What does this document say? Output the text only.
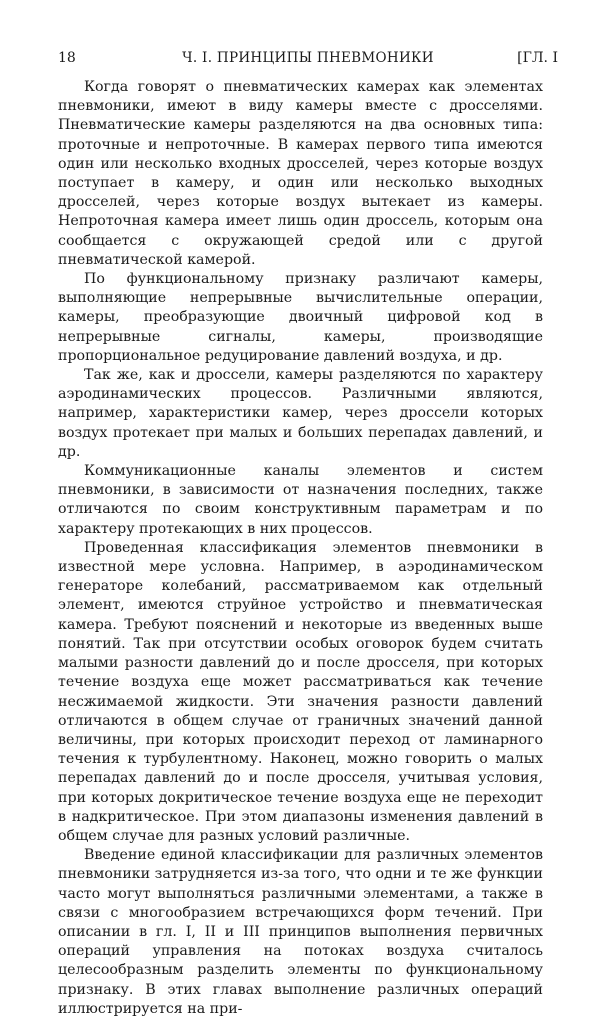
18	Ч. I. ПРИНЦИПЫ ПНЕВМОНИКИ	[ГЛ. I

Когда говорят о пневматических камерах как элементах пневмоники, имеют в виду камеры вместе с дросселями. Пневматические камеры разделяются на два основных типа: проточные и непроточные. В камерах первого типа имеются один или несколько входных дросселей, через которые воздух поступает в камеру, и один или несколько выходных дросселей, через которые воздух вытекает из камеры. Непроточная камера имеет лишь один дроссель, которым она сообщается с окружающей средой или с другой пневматической камерой.

По функциональному признаку различают камеры, выполняющие непрерывные вычислительные операции, камеры, преобразующие двоичный цифровой код в непрерывные сигналы, камеры, производящие пропорциональное редуцирование давлений воздуха, и др.

Так же, как и дроссели, камеры разделяются по характеру аэродинамических процессов. Различными являются, например, характеристики камер, через дроссели которых воздух протекает при малых и больших перепадах давлений, и др.

Коммуникационные каналы элементов и систем пневмоники, в зависимости от назначения последних, также отличаются по своим конструктивным параметрам и по характеру протекающих в них процессов.

Проведенная классификация элементов пневмоники в известной мере условна. Например, в аэродинамическом генераторе колебаний, рассматриваемом как отдельный элемент, имеются струйное устройство и пневматическая камера. Требуют пояснений и некоторые из введенных выше понятий. Так при отсутствии особых оговорок будем считать малыми разности давлений до и после дросселя, при которых течение воздуха еще может рассматриваться как течение несжимаемой жидкости. Эти значения разности давлений отличаются в общем случае от граничных значений данной величины, при которых происходит переход от ламинарного течения к турбулентному. Наконец, можно говорить о малых перепадах давлений до и после дросселя, учитывая условия, при которых докритическое течение воздуха еще не переходит в надкритическое. При этом диапазоны изменения давлений в общем случае для разных условий различные.

Введение единой классификации для различных элементов пневмоники затрудняется из-за того, что одни и те же функции часто могут выполняться различными элементами, а также в связи с многообразием встречающихся форм течений. При описании в гл. I, II и III принципов выполнения первичных операций управления на потоках воздуха считалось целесообразным разделить элементы по функциональному признаку. В этих главах выполнение различных операций иллюстрируется на при-
